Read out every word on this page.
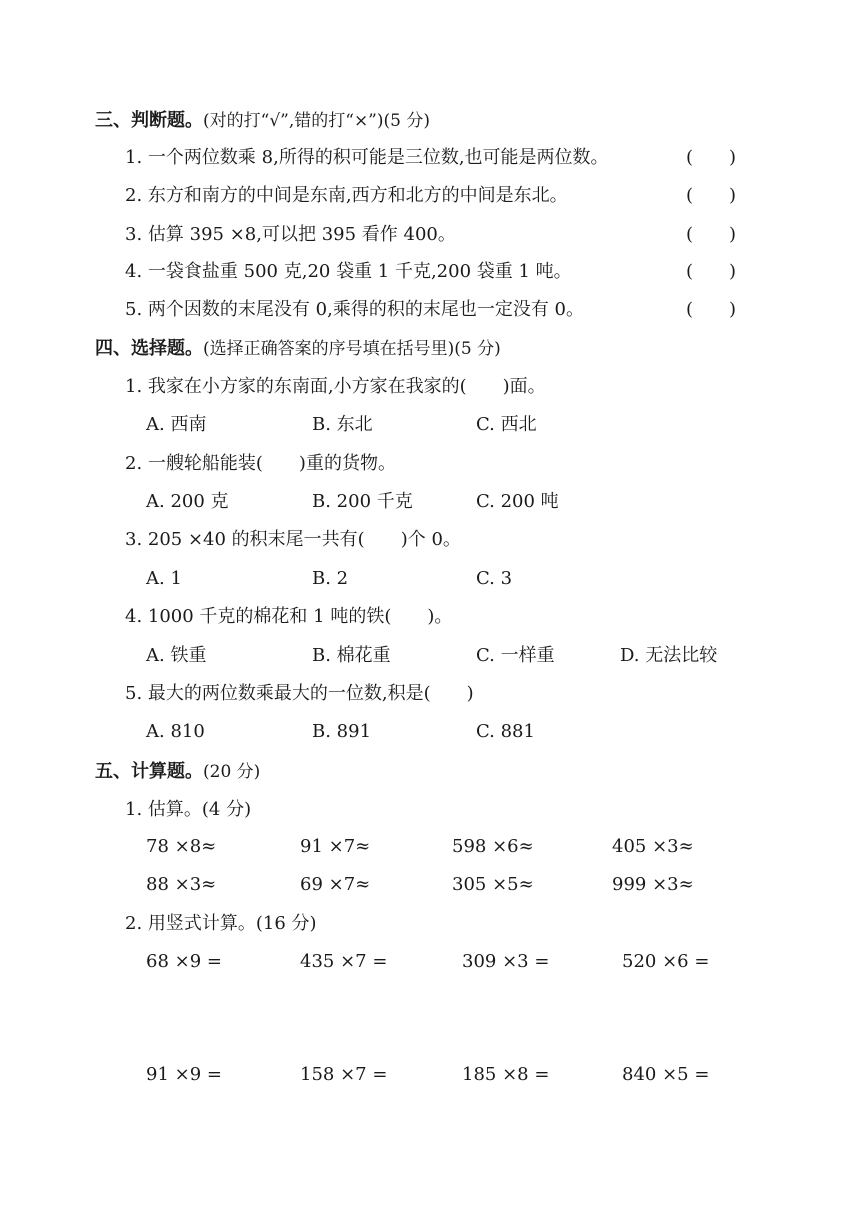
三、判断题。(对的打“√”,错的打“×”)(5 分)
1. 一个两位数乘 8,所得的积可能是三位数,也可能是两位数。	( )
2. 东方和南方的中间是东南,西方和北方的中间是东北。	( )
3. 估算 395 ×8,可以把 395 看作 400。	( )
4. 一袋食盐重 500 克,20 袋重 1 千克,200 袋重 1 吨。	( )
5. 两个因数的末尾没有 0,乘得的积的末尾也一定没有 0。	( )
四、选择题。(选择正确答案的序号填在括号里)(5 分)
1. 我家在小方家的东南面,小方家在我家的( )面。
A. 西南	B. 东北	C. 西北
2. 一艘轮船能装( )重的货物。
A. 200 克	B. 200 千克	C. 200 吨
3. 205 ×40 的积末尾一共有( )个 0。
A. 1	B. 2	C. 3
4. 1000 千克的棉花和 1 吨的铁( )。
A. 铁重	B. 棉花重	C. 一样重	D. 无法比较
5. 最大的两位数乘最大的一位数,积是( )
A. 810	B. 891	C. 881
五、计算题。(20 分)
1. 估算。(4 分)
78 ×8≈	91 ×7≈	598 ×6≈	405 ×3≈
88 ×3≈	69 ×7≈	305 ×5≈	999 ×3≈
2. 用竖式计算。(16 分)
68 ×9 =	435 ×7 =	309 ×3 =	520 ×6 =
91 ×9 =	158 ×7 =	185 ×8 =	840 ×5 =
